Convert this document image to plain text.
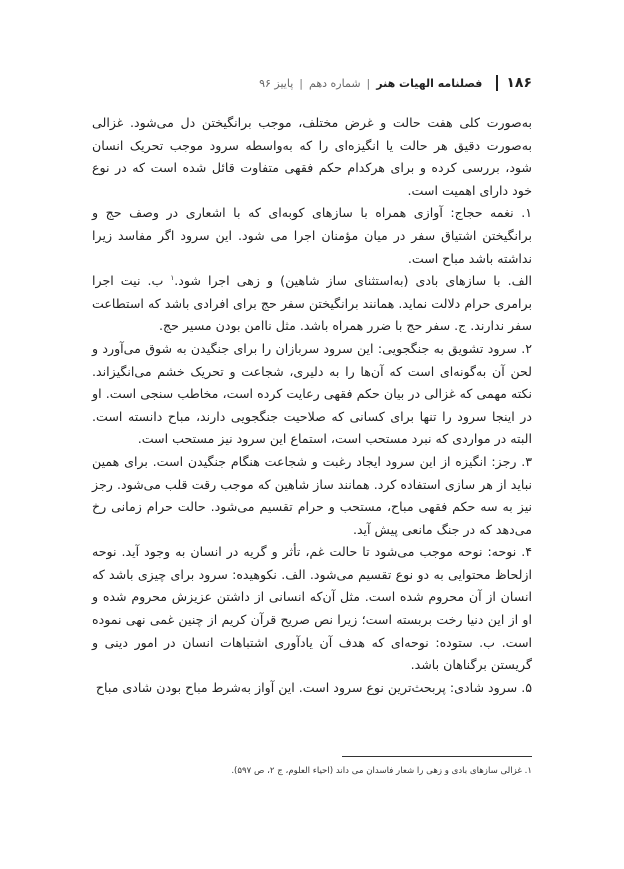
۱۸۶
فصلنامه الهیات هنر
|
شماره دهم
|
پاییز ۹۶

به‌صورت کلی هفت حالت و غرض مختلف، موجب برانگیختن دل می‌شود. غزالی به‌صورت دقیق هر حالت یا انگیزه‌ای را که به‌واسطه سرود موجب تحریک انسان شود، بررسی کرده و برای هرکدام حکم فقهی متفاوت قائل شده است که در نوع خود دارای اهمیت است.

۱. نغمه حجاج: آوازی همراه با سازهای کوبه‌ای که با اشعاری در وصف حج و برانگیختن اشتیاق سفر در میان مؤمنان اجرا می شود. این سرود اگر مفاسد زیرا نداشته باشد مباح است.

الف. با سازهای بادی (به‌استثنای ساز شاهین) و زهی اجرا شود.$^۱$ ب. نیت اجرا برامری حرام دلالت نماید. همانند برانگیختن سفر حج برای افرادی باشد که استطاعت سفر ندارند. ج. سفر حج با ضرر همراه باشد. مثل ناامن بودن مسیر حج.

۲. سرود تشویق به جنگجویی: این سرود سربازان را برای جنگیدن به شوق می‌آورد و لحن آن به‌گونه‌ای است که آن‌ها را به دلیری، شجاعت و تحریک خشم می‌انگیزاند. نکته مهمی که غزالی در بیان حکم فقهی رعایت کرده است، مخاطب سنجی است. او در اینجا سرود را تنها برای کسانی که صلاحیت جنگجویی دارند، مباح دانسته است. البته در مواردی که نبرد مستحب است، استماع این سرود نیز مستحب است.

۳. رجز: انگیزه از این سرود ایجاد رغبت و شجاعت هنگام جنگیدن است. برای همین نباید از هر سازی استفاده کرد. همانند ساز شاهین که موجب رقت قلب می‌شود. رجز نیز به سه حکم فقهی مباح، مستحب و حرام تقسیم می‌شود. حالت حرام زمانی رخ می‌دهد که در جنگ مانعی پیش آید.

۴. نوحه: نوحه موجب می‌شود تا حالت غم، تأثر و گریه در انسان به وجود آید. نوحه ازلحاظ محتوایی به دو نوع تقسیم می‌شود. الف. نکوهیده: سرود برای چیزی باشد که انسان از آن محروم شده است. مثل آن‌که انسانی از داشتن عزیزش محروم شده و او از این دنیا رخت بربسته است؛ زیرا نص صریح قرآن کریم از چنین غمی نهی نموده است. ب. ستوده: نوحه‌ای که هدف آن یادآوری اشتباهات انسان در امور دینی و گریستن برگناهان باشد.

۵. سرود شادی: پربحث‌ترین نوع سرود است. این آواز به‌شرط مباح بودن شادی مباح

۱. غزالی سازهای بادی و زهی را شعار فاسدان می داند (احیاء العلوم، ج ۲، ص ۵۹۷).
